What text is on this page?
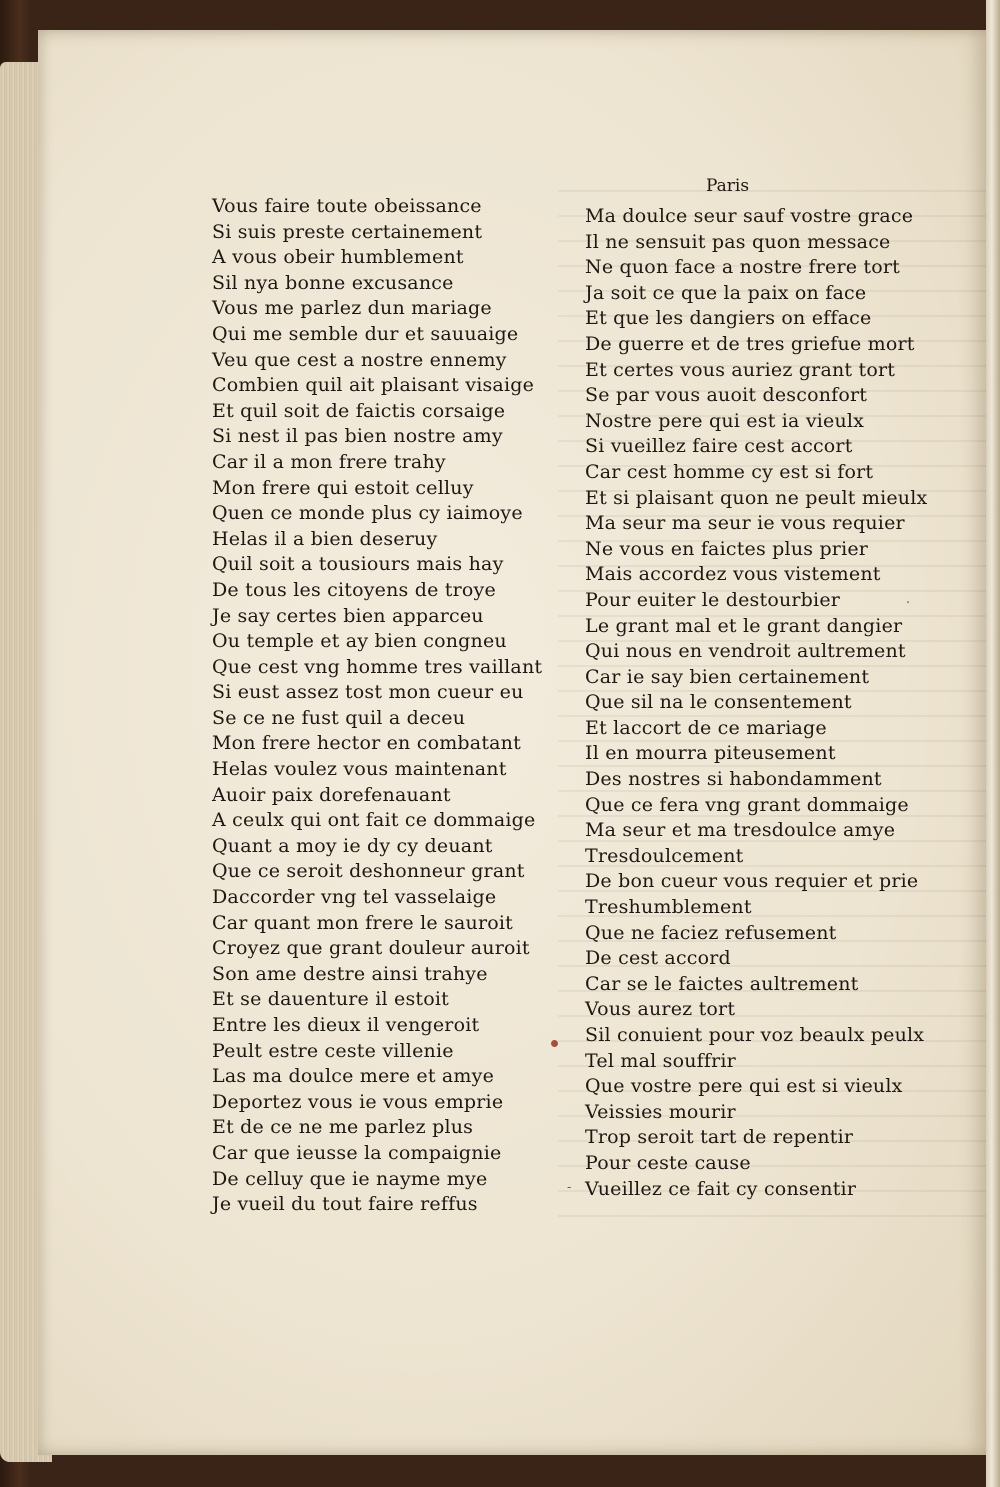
Paris
Vous faire toute obeissance
Si suis preste certainement
A vous obeir humblement
Sil nya bonne excusance
Vous me parlez dun mariage
Qui me semble dur et sauuaige
Veu que cest a nostre ennemy
Combien quil ait plaisant visaige
Et quil soit de faictis corsaige
Si nest il pas bien nostre amy
Car il a mon frere trahy
Mon frere qui estoit celluy
Quen ce monde plus cy iaimoye
Helas il a bien deseruy
Quil soit a tousiours mais hay
De tous les citoyens de troye
Je say certes bien apparceu
Ou temple et ay bien congneu
Que cest vng homme tres vaillant
Si eust assez tost mon cueur eu
Se ce ne fust quil a deceu
Mon frere hector en combatant
Helas voulez vous maintenant
Auoir paix dorefenauant
A ceulx qui ont fait ce dommaige
Quant a moy ie dy cy deuant
Que ce seroit deshonneur grant
Daccorder vng tel vasselaige
Car quant mon frere le sauroit
Croyez que grant douleur auroit
Son ame destre ainsi trahye
Et se dauenture il estoit
Entre les dieux il vengeroit
Peult estre ceste villenie
Las ma doulce mere et amye
Deportez vous ie vous emprie
Et de ce ne me parlez plus
Car que ieusse la compaignie
De celluy que ie nayme mye
Je vueil du tout faire reffus
Ma doulce seur sauf vostre grace
Il ne sensuit pas quon messace
Ne quon face a nostre frere tort
Ja soit ce que la paix on face
Et que les dangiers on efface
De guerre et de tres griefue mort
Et certes vous auriez grant tort
Se par vous auoit desconfort
Nostre pere qui est ia vieulx
Si vueillez faire cest accort
Car cest homme cy est si fort
Et si plaisant quon ne peult mieulx
Ma seur ma seur ie vous requier
Ne vous en faictes plus prier
Mais accordez vous vistement
Pour euiter le destourbier
Le grant mal et le grant dangier
Qui nous en vendroit aultrement
Car ie say bien certainement
Que sil na le consentement
Et laccort de ce mariage
Il en mourra piteusement
Des nostres si habondamment
Que ce fera vng grant dommaige
Ma seur et ma tresdoulce amye
Tresdoulcement
De bon cueur vous requier et prie
Treshumblement
Que ne faciez refusement
De cest accord
Car se le faictes aultrement
Vous aurez tort
Sil conuient pour voz beaulx peulx
Tel mal souffrir
Que vostre pere qui est si vieulx
Veissies mourir
Trop seroit tart de repentir
Pour ceste cause
Vueillez ce fait cy consentir
-
.
